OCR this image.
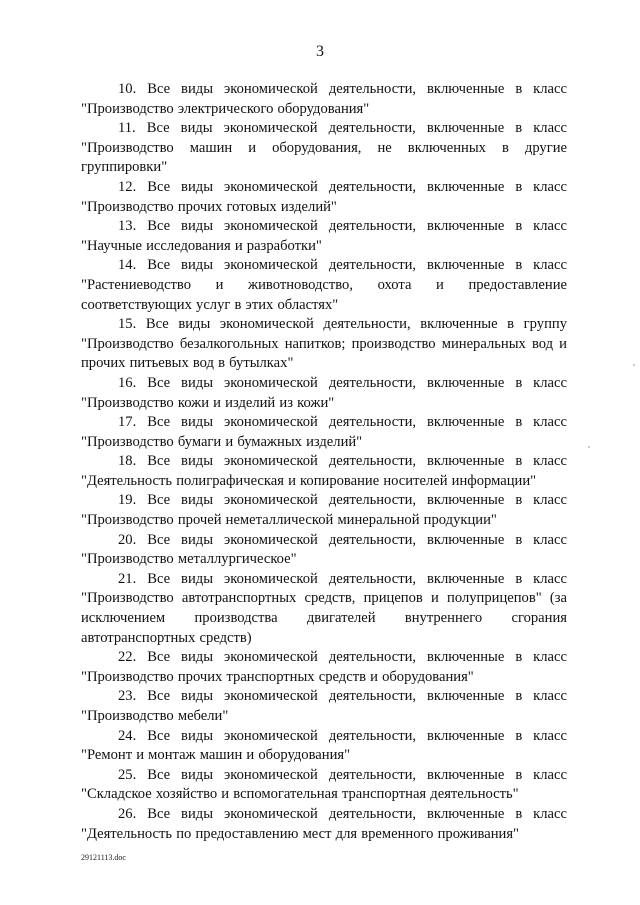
3

10. Все виды экономической деятельности, включенные в класс "Производство электрического оборудования"

11. Все виды экономической деятельности, включенные в класс "Производство машин и оборудования, не включенных в другие группировки"

12. Все виды экономической деятельности, включенные в класс "Производство прочих готовых изделий"

13. Все виды экономической деятельности, включенные в класс "Научные исследования и разработки"

14. Все виды экономической деятельности, включенные в класс "Растениеводство и животноводство, охота и предоставление соответствующих услуг в этих областях"

15. Все виды экономической деятельности, включенные в группу "Производство безалкогольных напитков; производство минеральных вод и прочих питьевых вод в бутылках"

16. Все виды экономической деятельности, включенные в класс "Производство кожи и изделий из кожи"

17. Все виды экономической деятельности, включенные в класс "Производство бумаги и бумажных изделий"

18. Все виды экономической деятельности, включенные в класс "Деятельность полиграфическая и копирование носителей информации"

19. Все виды экономической деятельности, включенные в класс "Производство прочей неметаллической минеральной продукции"

20. Все виды экономической деятельности, включенные в класс "Производство металлургическое"

21. Все виды экономической деятельности, включенные в класс "Производство автотранспортных средств, прицепов и полуприцепов" (за исключением производства двигателей внутреннего сгорания автотранспортных средств)

22. Все виды экономической деятельности, включенные в класс "Производство прочих транспортных средств и оборудования"

23. Все виды экономической деятельности, включенные в класс "Производство мебели"

24. Все виды экономической деятельности, включенные в класс "Ремонт и монтаж машин и оборудования"

25. Все виды экономической деятельности, включенные в класс "Складское хозяйство и вспомогательная транспортная деятельность"

26. Все виды экономической деятельности, включенные в класс "Деятельность по предоставлению мест для временного проживания"

29121113.doc
